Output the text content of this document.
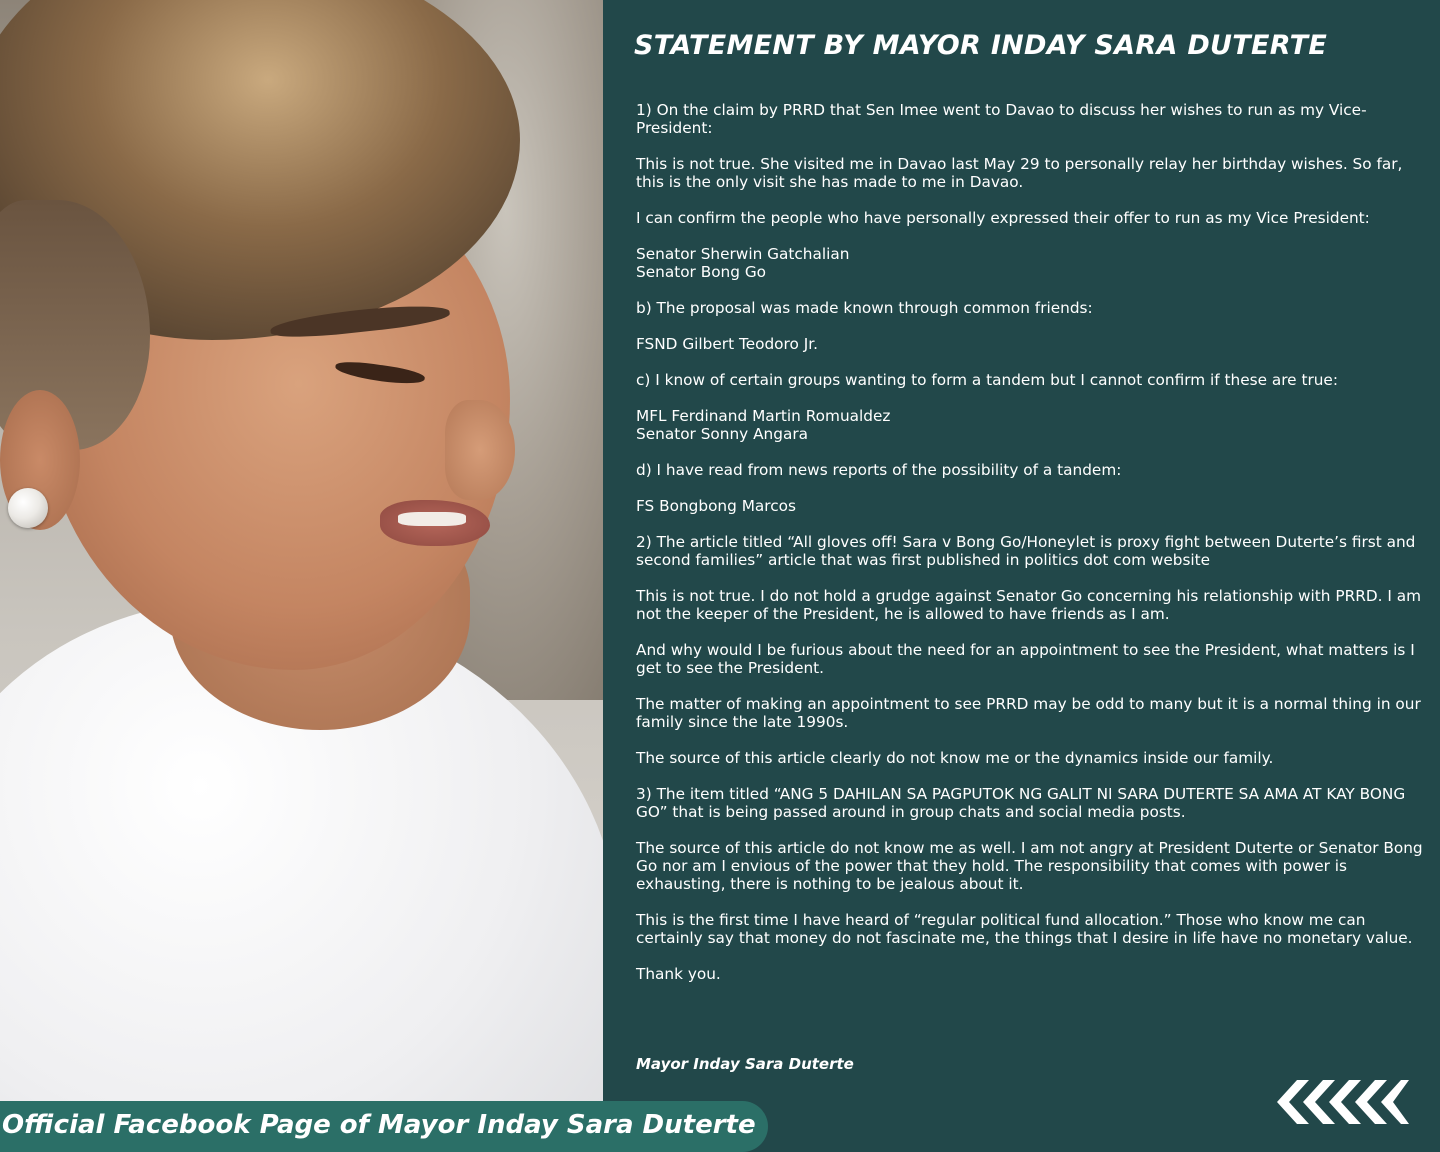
STATEMENT BY MAYOR INDAY SARA DUTERTE

1) On the claim by PRRD that Sen Imee went to Davao to discuss her wishes to run as my Vice-President:

This is not true. She visited me in Davao last May 29 to personally relay her birthday wishes. So far, this is the only visit she has made to me in Davao.

I can confirm the people who have personally expressed their offer to run as my Vice President:

Senator Sherwin Gatchalian
Senator Bong Go

b) The proposal was made known through common friends:

FSND Gilbert Teodoro Jr.

c) I know of certain groups wanting to form a tandem but I cannot confirm if these are true:

MFL Ferdinand Martin Romualdez
Senator Sonny Angara

d) I have read from news reports of the possibility of a tandem:

FS Bongbong Marcos

2) The article titled “All gloves off! Sara v Bong Go/Honeylet is proxy fight between Duterte’s first and second families” article that was first published in politics dot com website

This is not true. I do not hold a grudge against Senator Go concerning his relationship with PRRD. I am not the keeper of the President, he is allowed to have friends as I am.

And why would I be furious about the need for an appointment to see the President, what matters is I get to see the President.

The matter of making an appointment to see PRRD may be odd to many but it is a normal thing in our family since the late 1990s.

The source of this article clearly do not know me or the dynamics inside our family.

3) The item titled “ANG 5 DAHILAN SA PAGPUTOK NG GALIT NI SARA DUTERTE SA AMA AT KAY BONG GO” that is being passed around in group chats and social media posts.

The source of this article do not know me as well. I am not angry at President Duterte or Senator Bong Go nor am I envious of the power that they hold. The responsibility that comes with power is exhausting, there is nothing to be jealous about it.

This is the first time I have heard of “regular political fund allocation.” Those who know me can certainly say that money do not fascinate me, the things that I desire in life have no monetary value.

Thank you.

Mayor Inday Sara Duterte
Official Facebook Page of Mayor Inday Sara Duterte
